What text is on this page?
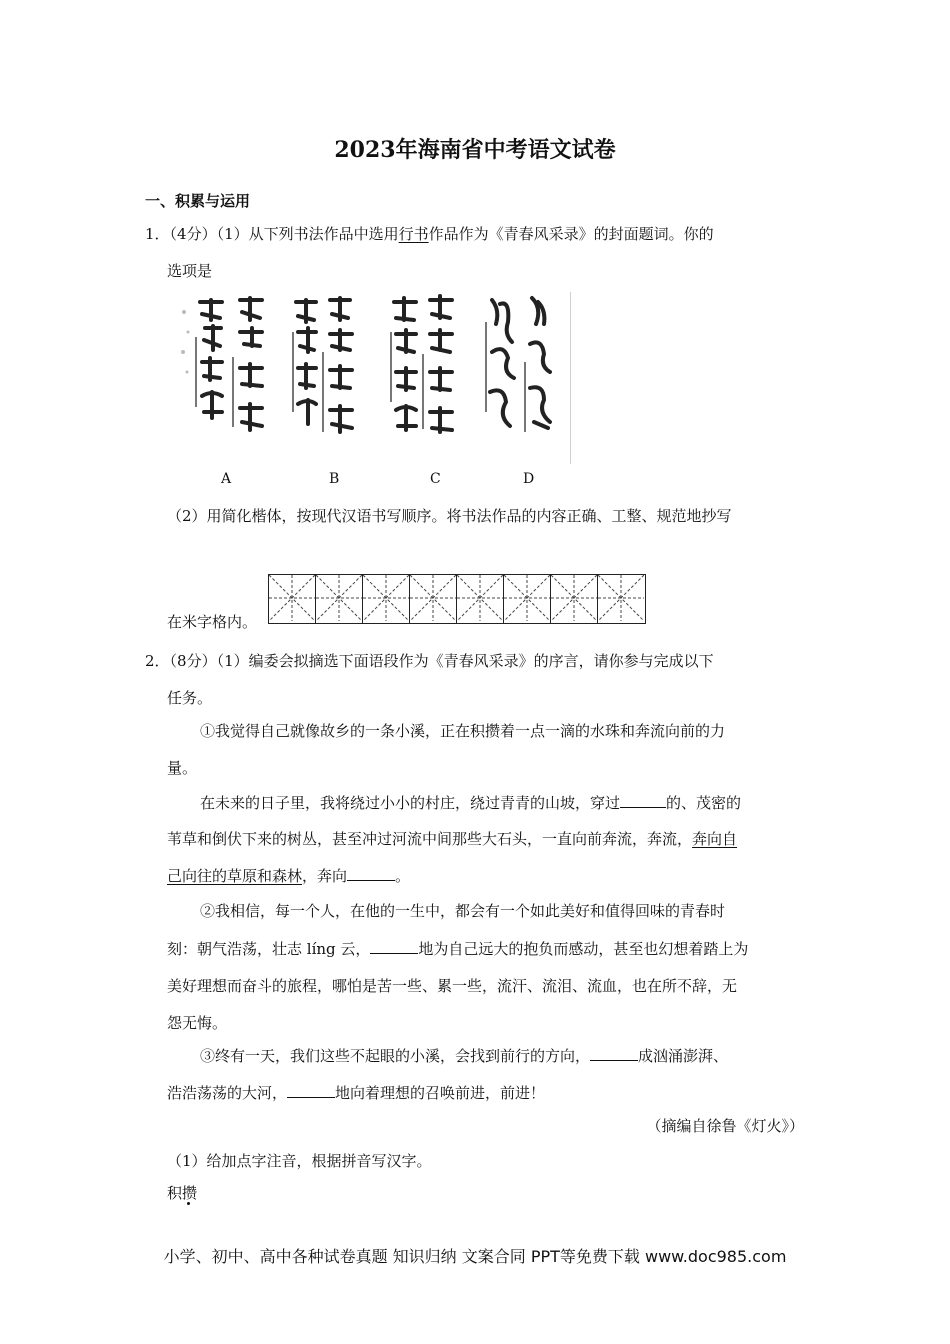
2023年海南省中考语文试卷
一、积累与运用
1．（4分）（1）从下列书法作品中选用行书作品作为《青春风采录》的封面题词。你的
选项是
A	B	C	D
（2）用简化楷体，按现代汉语书写顺序。将书法作品的内容正确、工整、规范地抄写
在米字格内。
2．（8分）（1）编委会拟摘选下面语段作为《青春风采录》的序言，请你参与完成以下
任务。
①我觉得自己就像故乡的一条小溪，正在积攒着一点一滴的水珠和奔流向前的力
量。
在未来的日子里，我将绕过小小的村庄，绕过青青的山坡，穿过	的、茂密的
苇草和倒伏下来的树丛，甚至冲过河流中间那些大石头，一直向前奔流，奔流，奔向自
己向往的草原和森林，奔向	。
②我相信，每一个人，在他的一生中，都会有一个如此美好和值得回味的青春时
刻：朝气浩荡，壮志 líng 云，	地为自己远大的抱负而感动，甚至也幻想着踏上为
美好理想而奋斗的旅程，哪怕是苦一些、累一些，流汗、流泪、流血，也在所不辞，无
怨无悔。
③终有一天，我们这些不起眼的小溪，会找到前行的方向，	成汹涌澎湃、
浩浩荡荡的大河，	地向着理想的召唤前进，前进！
（摘编自徐鲁《灯火》）
（1）给加点字注音，根据拼音写汉字。
积攒
小学、初中、高中各种试卷真题 知识归纳 文案合同 PPT等免费下载 www.doc985.com
